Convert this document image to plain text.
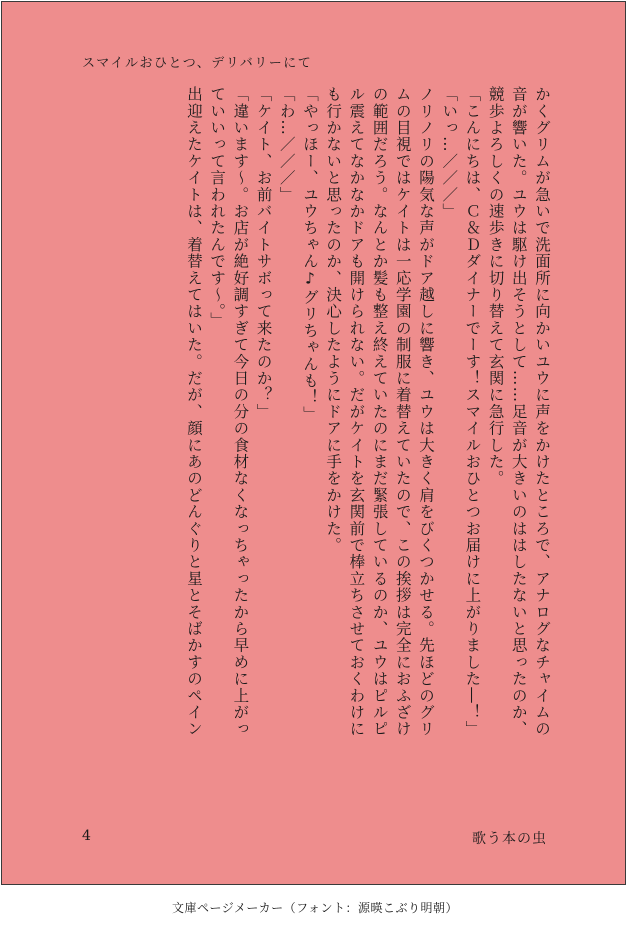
スマイルおひとつ、デリバリーにて

かくグリムが急いで洗面所に向かいユウに声をかけたところで、アナログなチャイムの

音が響いた。ユウは駆け出そうとして……足音が大きいのははしたないと思ったのか、

競歩よろしくの速歩きに切り替えて玄関に急行した。

「こんにちは、Ｃ＆Ｄダイナーでーす！スマイルおひとつお届けに上がりました―！」

「いっ…／／／」

ノリノリの陽気な声がドア越しに響き、ユウは大きく肩をびくつかせる。先ほどのグリ

ムの目視ではケイトは一応学園の制服に着替えていたので、この挨拶は完全におふざけ

の範囲だろう。なんとか髪も整え終えていたのにまだ緊張しているのか、ユウはピルピ

ル震えてなかなかドアも開けられない。だがケイトを玄関前で棒立ちさせておくわけに

も行かないと思ったのか、決心したようにドアに手をかけた。

「やっほー、ユウちゃん♪グリちゃんも！」

「わ…／／／」

「ケイト、お前バイトサボって来たのか？」

「違います〜。お店が絶好調すぎて今日の分の食材なくなっちゃったから早めに上がっ

ていいって言われたんです〜。」

出迎えたケイトは、着替えてはいた。だが、顔にあのどんぐりと星とそばかすのペイン

4	歌う本の虫
文庫ページメーカー（フォント：源暎こぶり明朝）
